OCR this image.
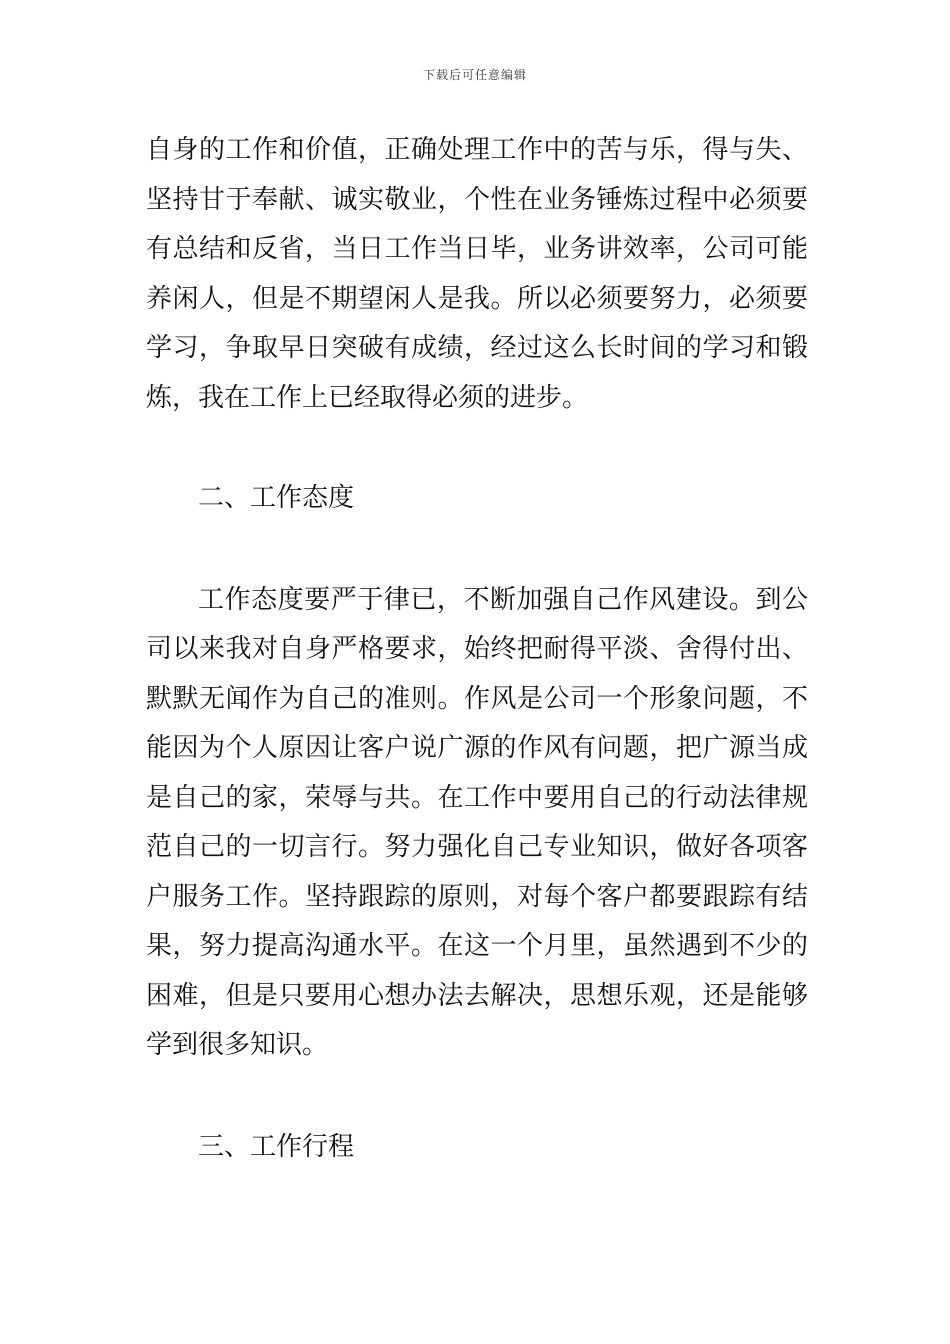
下载后可任意编辑

自身的工作和价值，正确处理工作中的苦与乐，得与失、坚持甘于奉献、诚实敬业，个性在业务锤炼过程中必须要有总结和反省，当日工作当日毕，业务讲效率，公司可能养闲人，但是不期望闲人是我。所以必须要努力，必须要学习，争取早日突破有成绩，经过这么长时间的学习和锻炼，我在工作上已经取得必须的进步。

二、工作态度

工作态度要严于律已，不断加强自己作风建设。到公司以来我对自身严格要求，始终把耐得平淡、舍得付出、默默无闻作为自己的准则。作风是公司一个形象问题，不能因为个人原因让客户说广源的作风有问题，把广源当成是自己的家，荣辱与共。在工作中要用自己的行动法律规范自己的一切言行。努力强化自己专业知识，做好各项客户服务工作。坚持跟踪的原则，对每个客户都要跟踪有结果，努力提高沟通水平。在这一个月里，虽然遇到不少的困难，但是只要用心想办法去解决，思想乐观，还是能够学到很多知识。

三、工作行程
